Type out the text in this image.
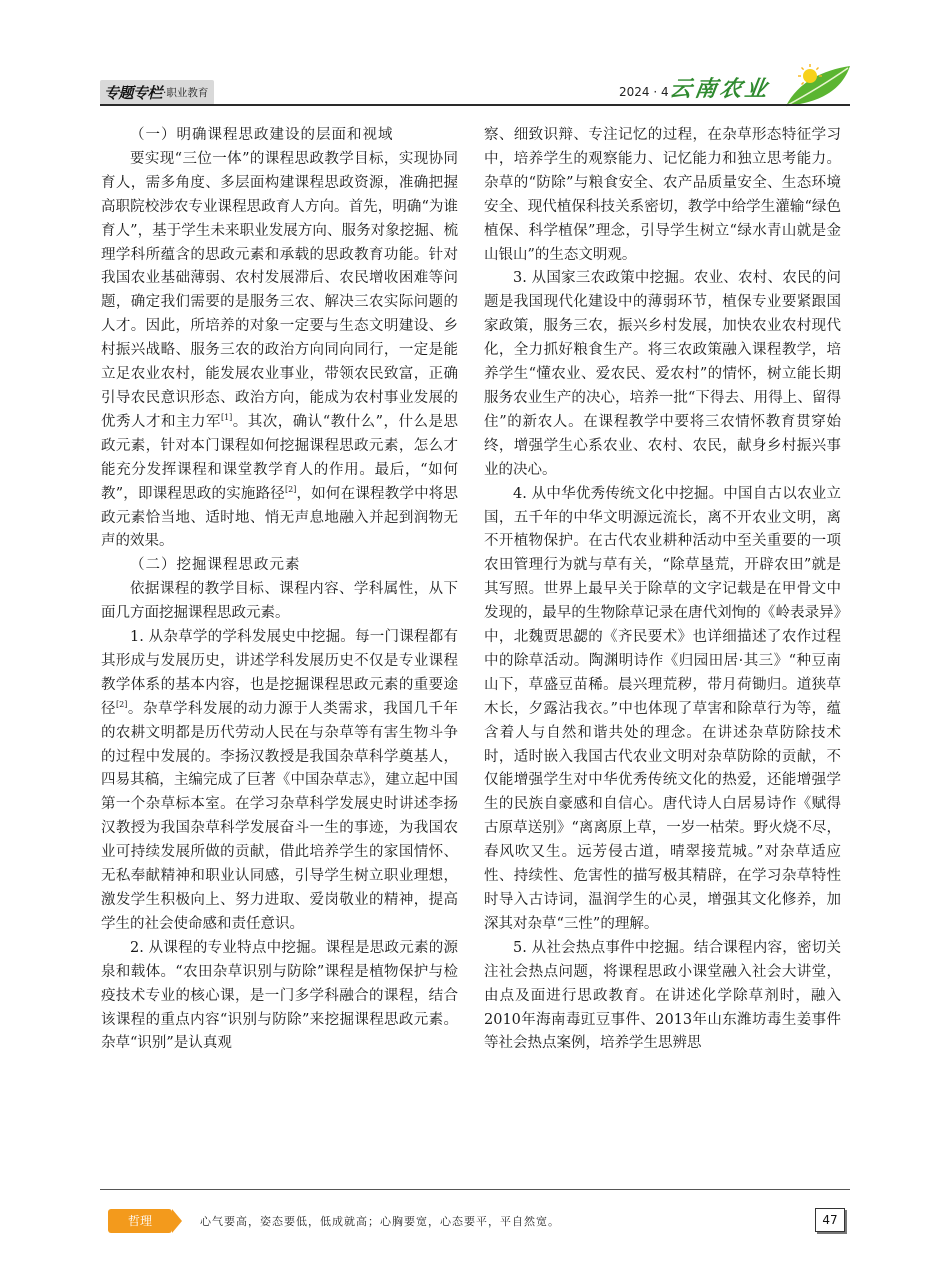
专题专栏 ·职业教育	2024 · 4 云南农业
（一）明确课程思政建设的层面和视域

要实现“三位一体”的课程思政教学目标，实现协同育人，需多角度、多层面构建课程思政资源，准确把握高职院校涉农专业课程思政育人方向。首先，明确“为谁育人”，基于学生未来职业发展方向、服务对象挖掘、梳理学科所蕴含的思政元素和承载的思政教育功能。针对我国农业基础薄弱、农村发展滞后、农民增收困难等问题，确定我们需要的是服务三农、解决三农实际问题的人才。因此，所培养的对象一定要与生态文明建设、乡村振兴战略、服务三农的政治方向同向同行，一定是能立足农业农村，能发展农业事业，带领农民致富，正确引导农民意识形态、政治方向，能成为农村事业发展的优秀人才和主力军[1]。其次，确认“教什么”，什么是思政元素，针对本门课程如何挖掘课程思政元素，怎么才能充分发挥课程和课堂教学育人的作用。最后，“如何教”，即课程思政的实施路径[2]，如何在课程教学中将思政元素恰当地、适时地、悄无声息地融入并起到润物无声的效果。

（二）挖掘课程思政元素

依据课程的教学目标、课程内容、学科属性，从下面几方面挖掘课程思政元素。

1. 从杂草学的学科发展史中挖掘。每一门课程都有其形成与发展历史，讲述学科发展历史不仅是专业课程教学体系的基本内容，也是挖掘课程思政元素的重要途径[2]。杂草学科发展的动力源于人类需求，我国几千年的农耕文明都是历代劳动人民在与杂草等有害生物斗争的过程中发展的。李扬汉教授是我国杂草科学奠基人，四易其稿，主编完成了巨著《中国杂草志》，建立起中国第一个杂草标本室。在学习杂草科学发展史时讲述李扬汉教授为我国杂草科学发展奋斗一生的事迹，为我国农业可持续发展所做的贡献，借此培养学生的家国情怀、无私奉献精神和职业认同感，引导学生树立职业理想，激发学生积极向上、努力进取、爱岗敬业的精神，提高学生的社会使命感和责任意识。

2. 从课程的专业特点中挖掘。课程是思政元素的源泉和载体。“农田杂草识别与防除”课程是植物保护与检疫技术专业的核心课，是一门多学科融合的课程，结合该课程的重点内容“识别与防除”来挖掘课程思政元素。杂草“识别”是认真观

察、细致识辩、专注记忆的过程，在杂草形态特征学习中，培养学生的观察能力、记忆能力和独立思考能力。杂草的“防除”与粮食安全、农产品质量安全、生态环境安全、现代植保科技关系密切，教学中给学生灌输“绿色植保、科学植保”理念，引导学生树立“绿水青山就是金山银山”的生态文明观。

3. 从国家三农政策中挖掘。农业、农村、农民的问题是我国现代化建设中的薄弱环节，植保专业要紧跟国家政策，服务三农，振兴乡村发展，加快农业农村现代化，全力抓好粮食生产。将三农政策融入课程教学，培养学生“懂农业、爱农民、爱农村”的情怀，树立能长期服务农业生产的决心，培养一批“下得去、用得上、留得住”的新农人。在课程教学中要将三农情怀教育贯穿始终，增强学生心系农业、农村、农民，献身乡村振兴事业的决心。

4. 从中华优秀传统文化中挖掘。中国自古以农业立国，五千年的中华文明源远流长，离不开农业文明，离不开植物保护。在古代农业耕种活动中至关重要的一项农田管理行为就与草有关，“除草垦荒，开辟农田”就是其写照。世界上最早关于除草的文字记载是在甲骨文中发现的，最早的生物除草记录在唐代刘恂的《岭表录异》中，北魏贾思勰的《齐民要术》也详细描述了农作过程中的除草活动。陶渊明诗作《归园田居·其三》“种豆南山下，草盛豆苗稀。晨兴理荒秽，带月荷锄归。道狭草木长，夕露沾我衣。”中也体现了草害和除草行为等，蕴含着人与自然和谐共处的理念。在讲述杂草防除技术时，适时嵌入我国古代农业文明对杂草防除的贡献，不仅能增强学生对中华优秀传统文化的热爱，还能增强学生的民族自豪感和自信心。唐代诗人白居易诗作《赋得古原草送别》“离离原上草，一岁一枯荣。野火烧不尽，春风吹又生。远芳侵古道，晴翠接荒城。”对杂草适应性、持续性、危害性的描写极其精辟，在学习杂草特性时导入古诗词，温润学生的心灵，增强其文化修养，加深其对杂草“三性”的理解。

5. 从社会热点事件中挖掘。结合课程内容，密切关注社会热点问题，将课程思政小课堂融入社会大讲堂，由点及面进行思政教育。在讲述化学除草剂时，融入2010年海南毒豇豆事件、2013年山东潍坊毒生姜事件等社会热点案例，培养学生思辨思

哲理	心气要高，姿态要低，低成就高；心胸要宽，心态要平，平自然宽。	47
